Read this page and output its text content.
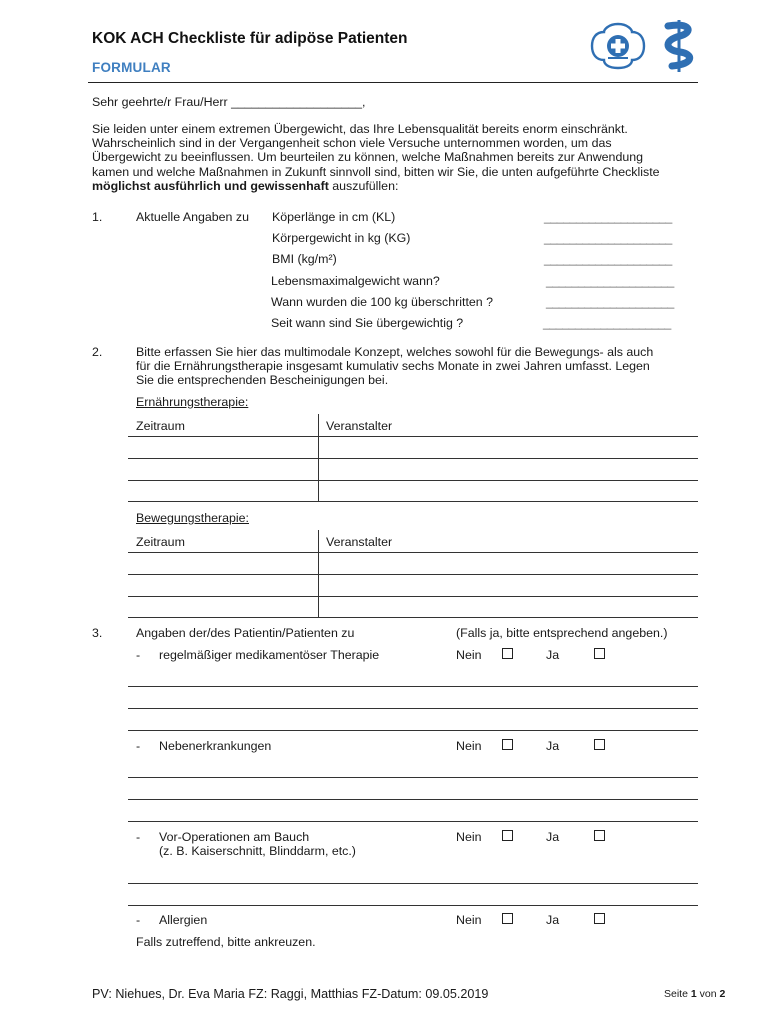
KOK ACH Checkliste für adipöse Patienten
FORMULAR
Sehr geehrte/r Frau/Herr ___________________,
Sie leiden unter einem extremen Übergewicht, das Ihre Lebensqualität bereits enorm einschränkt.
Wahrscheinlich sind in der Vergangenheit schon viele Versuche unternommen worden, um das
Übergewicht zu beeinflussen. Um beurteilen zu können, welche Maßnahmen bereits zur Anwendung
kamen und welche Maßnahmen in Zukunft sinnvoll sind, bitten wir Sie, die unten aufgeführte Checkliste
möglichst ausführlich und gewissenhaft auszufüllen:
1.	Aktuelle Angaben zu Köperlänge in cm (KL)	____________________
Körpergewicht in kg (KG)	____________________
BMI (kg/m²)	____________________
Lebensmaximalgewicht wann?	____________________
Wann wurden die 100 kg überschritten ?	____________________
Seit wann sind Sie übergewichtig ?	____________________
2.	Bitte erfassen Sie hier das multimodale Konzept, welches sowohl für die Bewegungs- als auch
für die Ernährungstherapie insgesamt kumulativ sechs Monate in zwei Jahren umfasst. Legen
Sie die entsprechenden Bescheinigungen bei.
Ernährungstherapie:
Zeitraum	Veranstalter
Bewegungstherapie:
Zeitraum	Veranstalter
3.	Angaben der/des Patientin/Patienten zu	(Falls ja, bitte entsprechend angeben.)
- regelmäßiger medikamentöser Therapie	Nein	Ja
- Nebenerkrankungen	Nein	Ja
- Vor-Operationen am Bauch
(z. B. Kaiserschnitt, Blinddarm, etc.)
Nein	Ja
- Allergien	Nein	Ja
Falls zutreffend, bitte ankreuzen.
PV: Niehues, Dr. Eva Maria FZ: Raggi, Matthias FZ-Datum: 09.05.2019	Seite 1 von 2
